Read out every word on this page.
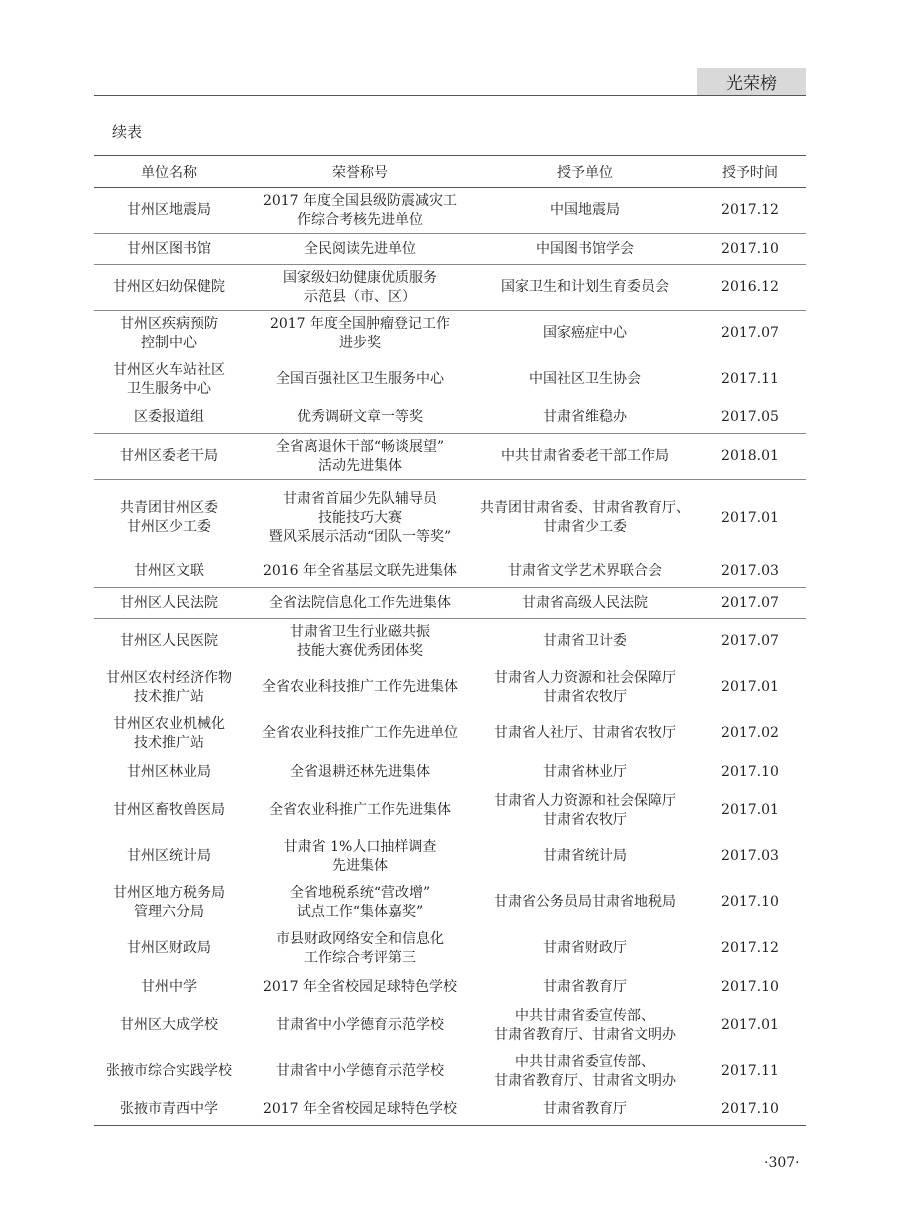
光荣榜
续表
单位名称	荣誉称号	授予单位	授予时间

甘州区地震局	2017 年度全国县级防震减灾工
作综合考核先进单位	中国地震局	2017.12

甘州区图书馆	全民阅读先进单位	中国图书馆学会	2017.10

甘州区妇幼保健院	国家级妇幼健康优质服务
示范县（市、区）	国家卫生和计划生育委员会	2016.12

甘州区疾病预防
控制中心	2017 年度全国肿瘤登记工作
进步奖	国家癌症中心	2017.07

甘州区火车站社区
卫生服务中心	全国百强社区卫生服务中心	中国社区卫生协会	2017.11

区委报道组	优秀调研文章一等奖	甘肃省维稳办	2017.05

甘州区委老干局	全省离退休干部“畅谈展望”
活动先进集体	中共甘肃省委老干部工作局	2018.01

共青团甘州区委
甘州区少工委	甘肃省首届少先队辅导员
技能技巧大赛
暨风采展示活动“团队一等奖”	共青团甘肃省委、甘肃省教育厅、
甘肃省少工委	2017.01

甘州区文联	2016 年全省基层文联先进集体	甘肃省文学艺术界联合会	2017.03

甘州区人民法院	全省法院信息化工作先进集体	甘肃省高级人民法院	2017.07

甘州区人民医院	甘肃省卫生行业磁共振
技能大赛优秀团体奖	甘肃省卫计委	2017.07

甘州区农村经济作物
技术推广站	全省农业科技推广工作先进集体	甘肃省人力资源和社会保障厅
甘肃省农牧厅	2017.01

甘州区农业机械化
技术推广站	全省农业科技推广工作先进单位	甘肃省人社厅、甘肃省农牧厅	2017.02

甘州区林业局	全省退耕还林先进集体	甘肃省林业厅	2017.10

甘州区畜牧兽医局	全省农业科推广工作先进集体	甘肃省人力资源和社会保障厅
甘肃省农牧厅	2017.01

甘州区统计局	甘肃省 1%人口抽样调查
先进集体	甘肃省统计局	2017.03

甘州区地方税务局
管理六分局	全省地税系统“营改增”
试点工作“集体嘉奖”	甘肃省公务员局甘肃省地税局	2017.10

甘州区财政局	市县财政网络安全和信息化
工作综合考评第三	甘肃省财政厅	2017.12

甘州中学	2017 年全省校园足球特色学校	甘肃省教育厅	2017.10

甘州区大成学校	甘肃省中小学德育示范学校	中共甘肃省委宣传部、
甘肃省教育厅、甘肃省文明办	2017.01

张掖市综合实践学校	甘肃省中小学德育示范学校	中共甘肃省委宣传部、
甘肃省教育厅、甘肃省文明办	2017.11

张掖市青西中学	2017 年全省校园足球特色学校	甘肃省教育厅	2017.10
·307·
